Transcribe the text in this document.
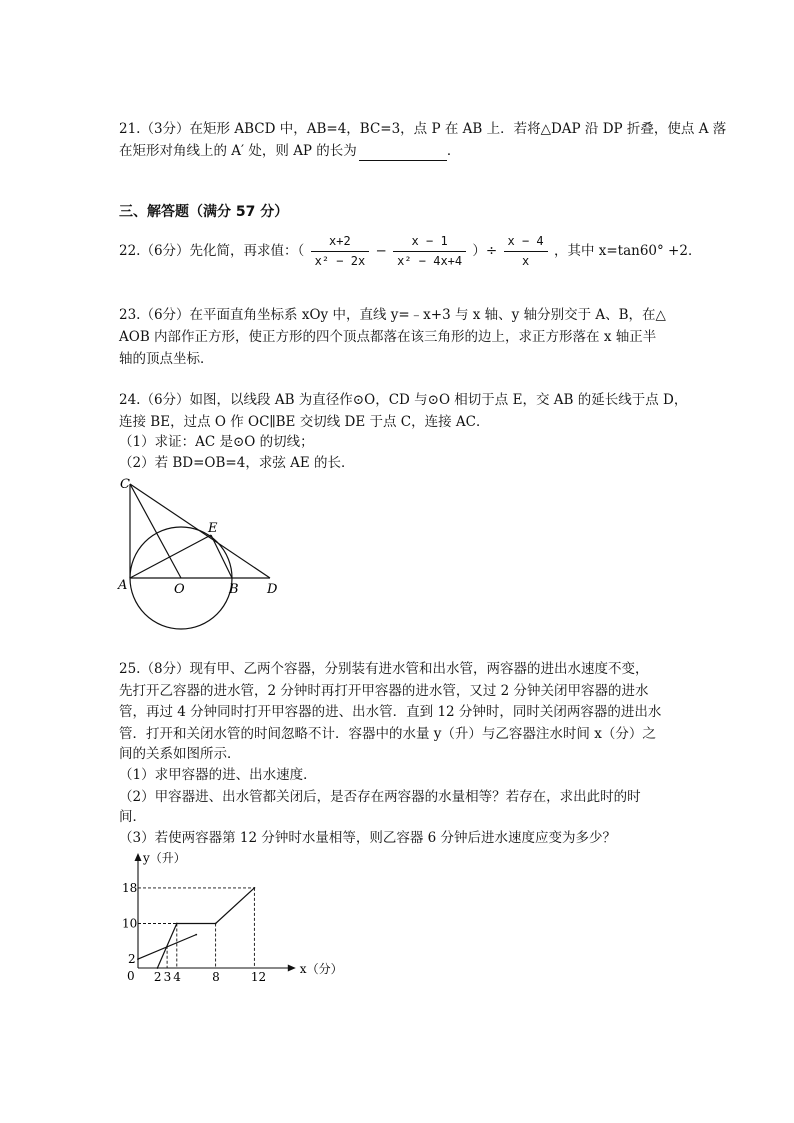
21.（3分）在矩形 ABCD 中，AB=4，BC=3，点 P 在 AB 上．若将△DAP 沿 DP 折叠，使点 A 落
在矩形对角线上的 A′ 处，则 AP 的长为	．
三、解答题（满分 57 分）
22.（6分）先化简，再求值：（ $\frac{x+2}{\text{x² − 2x}} - \frac{x - 1}{\text{x² − 4x+4}}$ ）÷ $\frac{x - 4}{x}$ ，其中 x=tan60° +2．
23.（6分）在平面直角坐标系 xOy 中，直线 y=﹣x+3 与 x 轴、y 轴分别交于 A、B，在△
AOB 内部作正方形，使正方形的四个顶点都落在该三角形的边上，求正方形落在 x 轴正半
轴的顶点坐标．
24.（6分）如图，以线段 AB 为直径作⊙O，CD 与⊙O 相切于点 E，交 AB 的延长线于点 D，
连接 BE，过点 O 作 OC∥BE 交切线 DE 于点 C，连接 AC．
（1）求证：AC 是⊙O 的切线；
（2）若 BD=OB=4，求弦 AE 的长．
C
E
A	O	B D
25.（8分）现有甲、乙两个容器，分别装有进水管和出水管，两容器的进出水速度不变，
先打开乙容器的进水管，2 分钟时再打开甲容器的进水管，又过 2 分钟关闭甲容器的进水
管，再过 4 分钟同时打开甲容器的进、出水管．直到 12 分钟时，同时关闭两容器的进出水
管．打开和关闭水管的时间忽略不计．容器中的水量 y（升）与乙容器注水时间 x（分）之
间的关系如图所示．
（1）求甲容器的进、出水速度．
（2）甲容器进、出水管都关闭后，是否存在两容器的水量相等？若存在，求出此时的时
间．
（3）若使两容器第 12 分钟时水量相等，则乙容器 6 分钟后进水速度应变为多少？
x（分）
y（升）
0 2 3 4	8	12
2
10
18
